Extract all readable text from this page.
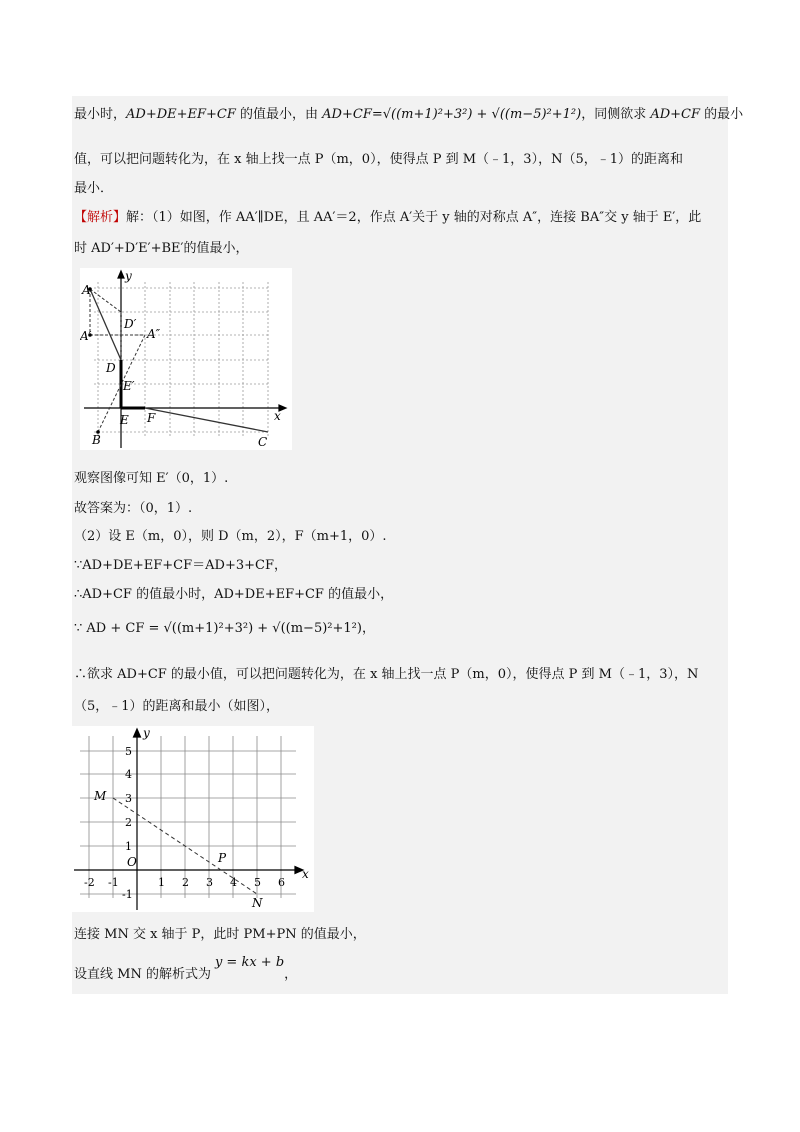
最小时，AD+DE+EF+CF 的值最小，由 AD+CF=√((m+1)²+3²) + √((m−5)²+1²)，同侧欲求 AD+CF 的最小
值，可以把问题转化为，在 x 轴上找一点 P（m，0），使得点 P 到 M（﹣1，3），N（5，﹣1）的距离和
最小．
【解析】解：（1）如图，作 AA′∥DE，且 AA′＝2，作点 A′关于 y 轴的对称点 A″，连接 BA″交 y 轴于 E′，此
时 AD′+D′E′+BE′的值最小，
A
A′	A″
D′
D
E′
E F
B	C
x
y
观察图像可知 E′（0，1）.
故答案为：（0，1）.
（2）设 E（m，0），则 D（m，2），F（m+1，0）.
∵AD+DE+EF+CF＝AD+3+CF，
∴AD+CF 的值最小时，AD+DE+EF+CF 的值最小，
∵ AD + CF = √((m+1)²+3²) + √((m−5)²+1²)，
∴欲求 AD+CF 的最小值，可以把问题转化为，在 x 轴上找一点 P（m，0），使得点 P 到 M（﹣1，3），N
（5，﹣1）的距离和最小（如图），
-2 -1	1 2 3 4 5 6
5
4
3
2
1
-1
M
N
P
O
x
y
连接 MN 交 x 轴于 P，此时 PM+PN 的值最小，
设直线 MN 的解析式为y = kx + b，
